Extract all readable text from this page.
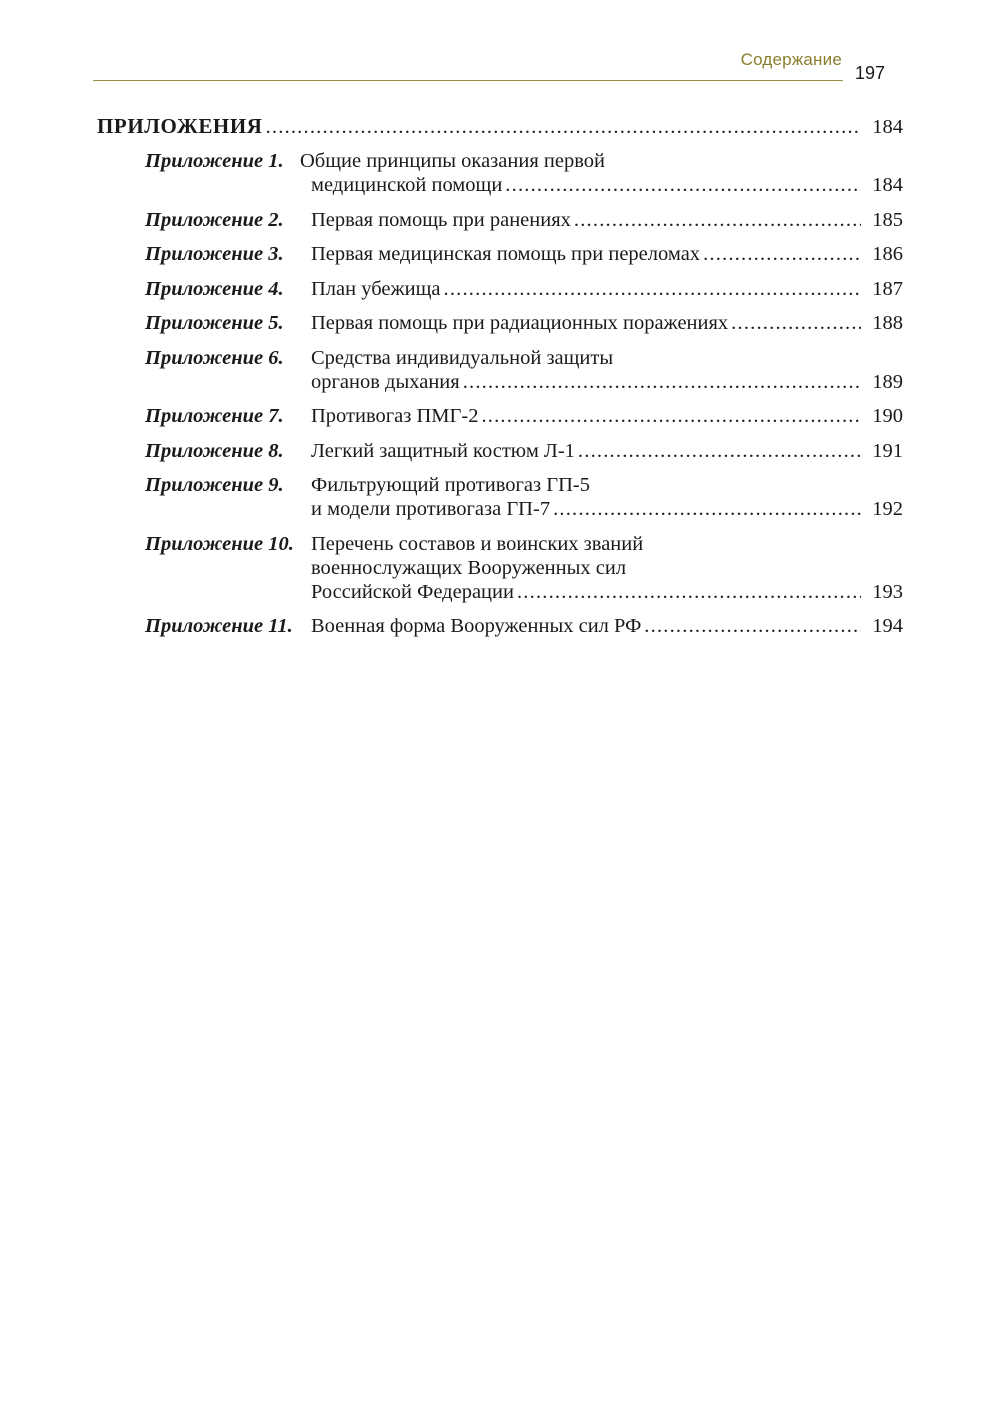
Содержание
197
ПРИЛОЖЕНИЯ .....	184
Приложение 1. Общие принципы оказания первой
медицинской помощи .....	184
Приложение 2.	Первая помощь при ранениях .....	185
Приложение 3.	Первая медицинская помощь при переломах .....	186
Приложение 4.	План убежища .....	187
Приложение 5.	Первая помощь при радиационных поражениях .....	188
Приложение 6.	Средства индивидуальной защиты
органов дыхания .....	189
Приложение 7.	Противогаз ПМГ-2 .....	190
Приложение 8.	Легкий защитный костюм Л-1 .....	191
Приложение 9.	Фильтрующий противогаз ГП-5
и модели противогаза ГП-7 .....	192
Приложение 10. Перечень составов и воинских званий
военнослужащих Вооруженных сил
Российской Федерации .....	193
Приложение 11. Военная форма Вооруженных сил РФ .....	194
